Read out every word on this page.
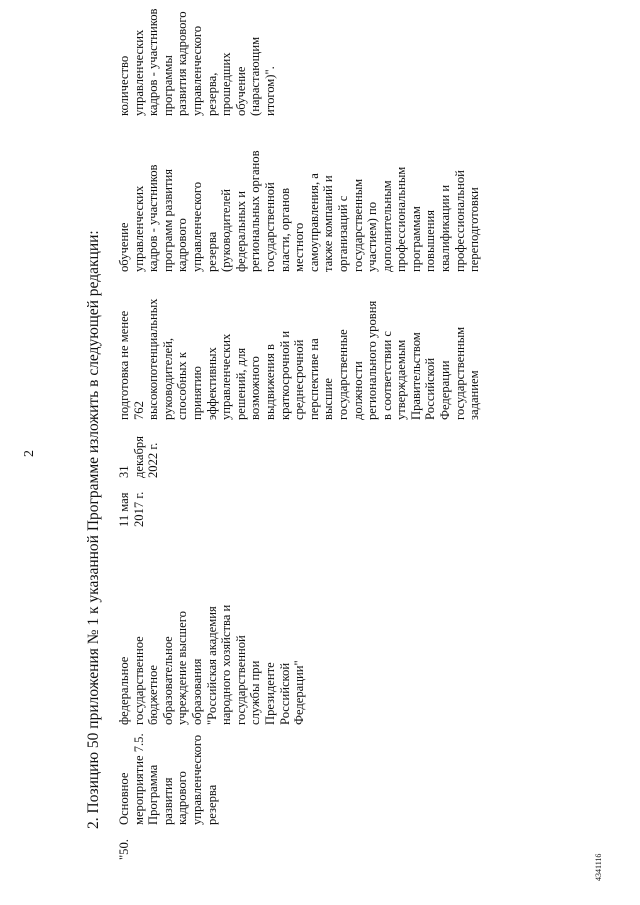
2	2. Позицию 50 приложения № 1 к указанной Программе изложить в следующей редакции:
"50.
Основное мероприятие 7.5. Программа развития кадрового управленческого резерва
федеральное государственное бюджетное образовательное учреждение высшего образования "Российская академия народного хозяйства и государственной службы при Президенте Российской Федерации"
11 мая 2017 г.
31 декабря 2022 г.
подготовка не менее 762 высокопотенциальных руководителей, способных к принятию эффективных управленческих решений, для возможного выдвижения в краткосрочной и среднесрочной перспективе на высшие государственные должности регионального уровня в соответствии с утверждаемым Правительством Российской Федерации государственным заданием
обучение управленческих кадров - участников программ развития кадрового управленческого резерва (руководителей федеральных и региональных органов государственной власти, органов местного самоуправления, а также компаний и организаций с государственным участием) по дополнительным профессиональным программам повышения квалификации и профессиональной переподготовки
количество управленческих кадров - участников программы развития кадрового управленческого резерва, прошедших обучение (нарастающим итогом)".
4341116
